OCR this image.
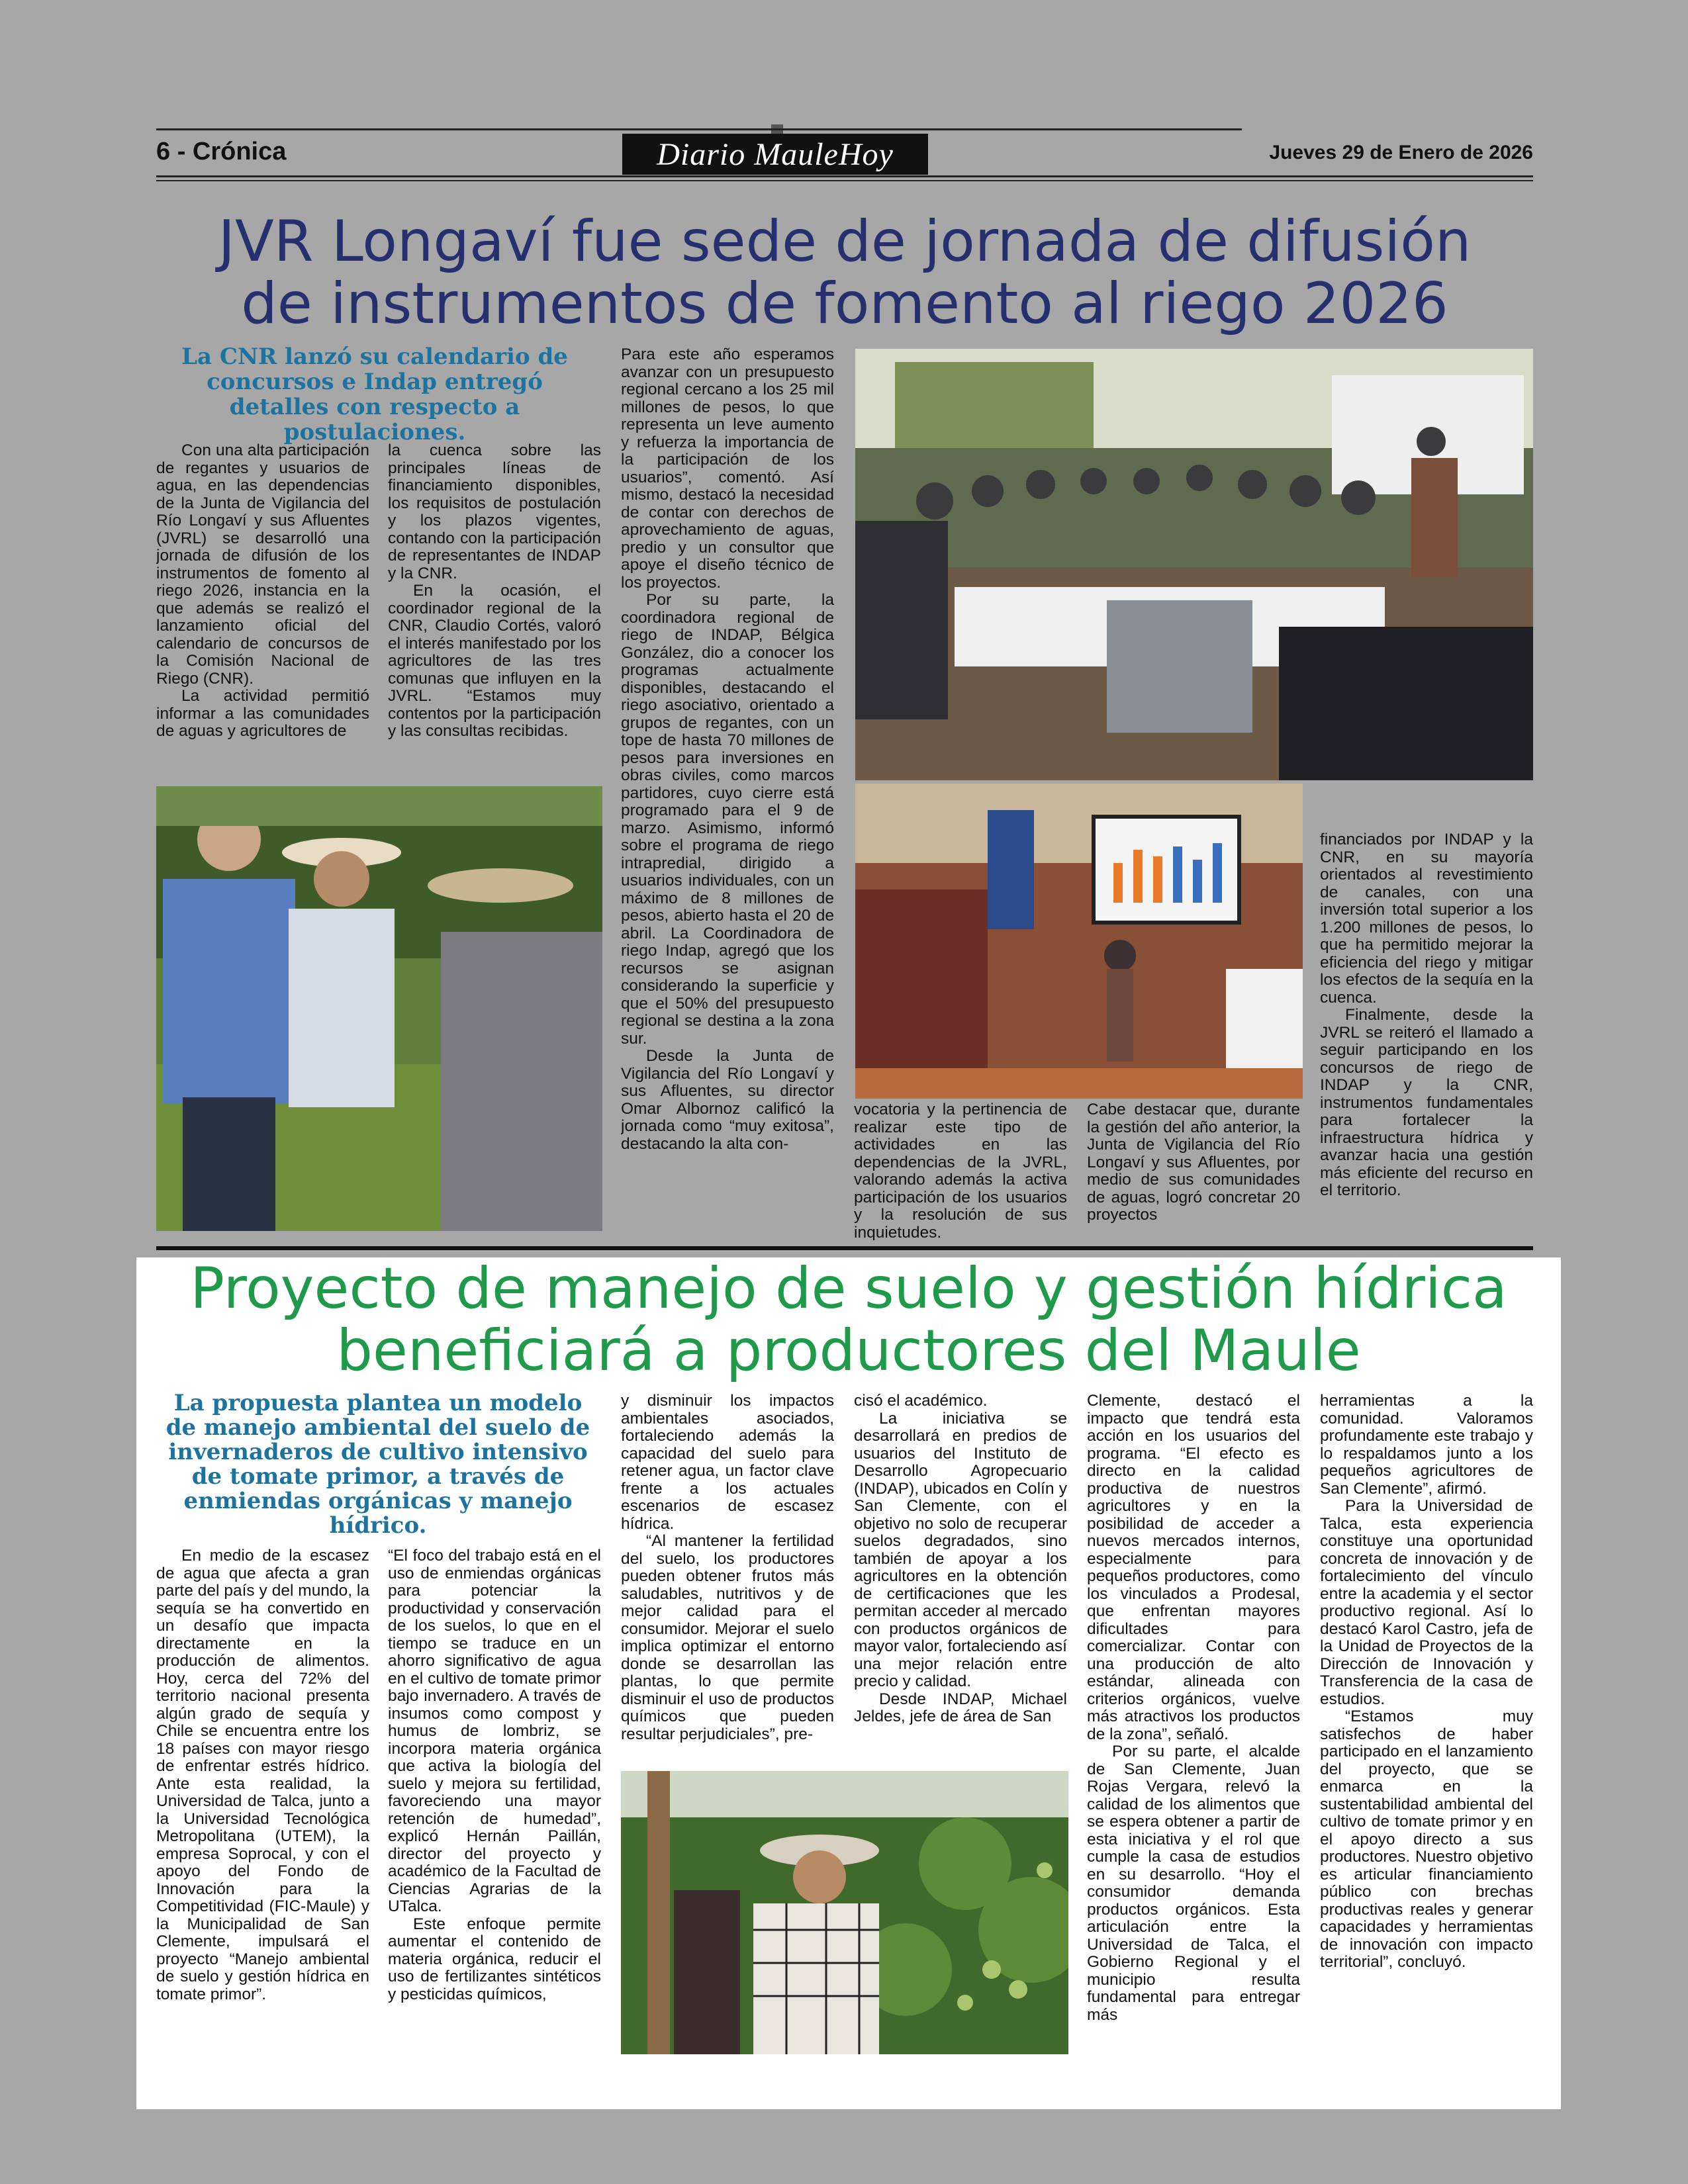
6 - Crónica	Diario MauleHoy	Jueves 29 de Enero de 2026
JVR Longaví fue sede de jornada de difusión
de instrumentos de fomento al riego 2026
La CNR lanzó su calendario de concursos e Indap entregó detalles con respecto a postulaciones.

Con una alta participación de regantes y usuarios de agua, en las dependencias de la Junta de Vigilancia del Río Longaví y sus Afluentes (JVRL) se desarrolló una jornada de difusión de los instrumentos de fomento al riego 2026, instancia en la que además se realizó el lanzamiento oficial del calendario de concursos de la Comisión Nacional de Riego (CNR).

La actividad permitió informar a las comunidades de aguas y agricultores de

la cuenca sobre las principales líneas de financiamiento disponibles, los requisitos de postulación y los plazos vigentes, contando con la participación de representantes de INDAP y la CNR.

En la ocasión, el coordinador regional de la CNR, Claudio Cortés, valoró el interés manifestado por los agricultores de las tres comunas que influyen en la JVRL. “Estamos muy contentos por la participación y las consultas recibidas.

Para este año esperamos avanzar con un presupuesto regional cercano a los 25 mil millones de pesos, lo que representa un leve aumento y refuerza la importancia de la participación de los usuarios”, comentó. Así mismo, destacó la necesidad de contar con derechos de aprovechamiento de aguas, predio y un consultor que apoye el diseño técnico de los proyectos.

Por su parte, la coordinadora regional de riego de INDAP, Bélgica González, dio a conocer los programas actualmente disponibles, destacando el riego asociativo, orientado a grupos de regantes, con un tope de hasta 70 millones de pesos para inversiones en obras civiles, como marcos partidores, cuyo cierre está programado para el 9 de marzo. Asimismo, informó sobre el programa de riego intrapredial, dirigido a usuarios individuales, con un máximo de 8 millones de pesos, abierto hasta el 20 de abril. La Coordinadora de riego Indap, agregó que los recursos se asignan considerando la superficie y que el 50% del presupuesto regional se destina a la zona sur.

Desde la Junta de Vigilancia del Río Longaví y sus Afluentes, su director Omar Albornoz calificó la jornada como “muy exitosa”, destacando la alta con-

vocatoria y la pertinencia de realizar este tipo de actividades en las dependencias de la JVRL, valorando además la activa participación de los usuarios y la resolución de sus inquietudes.

Cabe destacar que, durante la gestión del año anterior, la Junta de Vigilancia del Río Longaví y sus Afluentes, por medio de sus comunidades de aguas, logró concretar 20 proyectos

financiados por INDAP y la CNR, en su mayoría orientados al revestimiento de canales, con una inversión total superior a los 1.200 millones de pesos, lo que ha permitido mejorar la eficiencia del riego y mitigar los efectos de la sequía en la cuenca.

Finalmente, desde la JVRL se reiteró el llamado a seguir participando en los concursos de riego de INDAP y la CNR, instrumentos fundamentales para fortalecer la infraestructura hídrica y avanzar hacia una gestión más eficiente del recurso en el territorio.

Proyecto de manejo de suelo y gestión hídrica
beneficiará a productores del Maule
La propuesta plantea un modelo de manejo ambiental del suelo de invernaderos de cultivo intensivo de tomate primor, a través de enmiendas orgánicas y manejo hídrico.

En medio de la escasez de agua que afecta a gran parte del país y del mundo, la sequía se ha convertido en un desafío que impacta directamente en la producción de alimentos. Hoy, cerca del 72% del territorio nacional presenta algún grado de sequía y Chile se encuentra entre los 18 países con mayor riesgo de enfrentar estrés hídrico. Ante esta realidad, la Universidad de Talca, junto a la Universidad Tecnológica Metropolitana (UTEM), la empresa Soprocal, y con el apoyo del Fondo de Innovación para la Competitividad (FIC-Maule) y la Municipalidad de San Clemente, impulsará el proyecto “Manejo ambiental de suelo y gestión hídrica en tomate primor”.

“El foco del trabajo está en el uso de enmiendas orgánicas para potenciar la productividad y conservación de los suelos, lo que en el tiempo se traduce en un ahorro significativo de agua en el cultivo de tomate primor bajo invernadero. A través de insumos como compost y humus de lombriz, se incorpora materia orgánica que activa la biología del suelo y mejora su fertilidad, favoreciendo una mayor retención de humedad”, explicó Hernán Paillán, director del proyecto y académico de la Facultad de Ciencias Agrarias de la UTalca.

Este enfoque permite aumentar el contenido de materia orgánica, reducir el uso de fertilizantes sintéticos y pesticidas químicos,

y disminuir los impactos ambientales asociados, fortaleciendo además la capacidad del suelo para retener agua, un factor clave frente a los actuales escenarios de escasez hídrica.

“Al mantener la fertilidad del suelo, los productores pueden obtener frutos más saludables, nutritivos y de mejor calidad para el consumidor. Mejorar el suelo implica optimizar el entorno donde se desarrollan las plantas, lo que permite disminuir el uso de productos químicos que pueden resultar perjudiciales”, pre-

cisó el académico.

La iniciativa se desarrollará en predios de usuarios del Instituto de Desarrollo Agropecuario (INDAP), ubicados en Colín y San Clemente, con el objetivo no solo de recuperar suelos degradados, sino también de apoyar a los agricultores en la obtención de certificaciones que les permitan acceder al mercado con productos orgánicos de mayor valor, fortaleciendo así una mejor relación entre precio y calidad.

Desde INDAP, Michael Jeldes, jefe de área de San

Clemente, destacó el impacto que tendrá esta acción en los usuarios del programa. “El efecto es directo en la calidad productiva de nuestros agricultores y en la posibilidad de acceder a nuevos mercados internos, especialmente para pequeños productores, como los vinculados a Prodesal, que enfrentan mayores dificultades para comercializar. Contar con una producción de alto estándar, alineada con criterios orgánicos, vuelve más atractivos los productos de la zona”, señaló.

Por su parte, el alcalde de San Clemente, Juan Rojas Vergara, relevó la calidad de los alimentos que se espera obtener a partir de esta iniciativa y el rol que cumple la casa de estudios en su desarrollo. “Hoy el consumidor demanda productos orgánicos. Esta articulación entre la Universidad de Talca, el Gobierno Regional y el municipio resulta fundamental para entregar más

herramientas a la comunidad. Valoramos profundamente este trabajo y lo respaldamos junto a los pequeños agricultores de San Clemente”, afirmó.

Para la Universidad de Talca, esta experiencia constituye una oportunidad concreta de innovación y de fortalecimiento del vínculo entre la academia y el sector productivo regional. Así lo destacó Karol Castro, jefa de la Unidad de Proyectos de la Dirección de Innovación y Transferencia de la casa de estudios.

“Estamos muy satisfechos de haber participado en el lanzamiento del proyecto, que se enmarca en la sustentabilidad ambiental del cultivo de tomate primor y en el apoyo directo a sus productores. Nuestro objetivo es articular financiamiento público con brechas productivas reales y generar capacidades y herramientas de innovación con impacto territorial”, concluyó.
